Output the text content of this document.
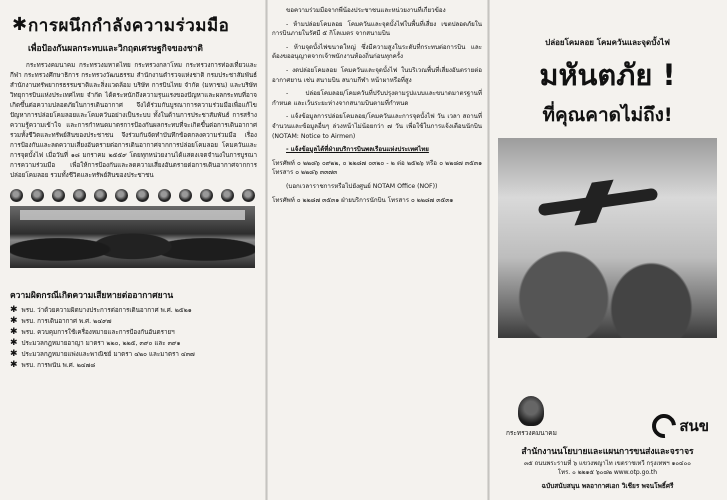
✱ การผนึกกำลังความร่วมมือ
เพื่อป้องกันผลกระทบและวิกฤตเศรษฐกิจของชาติ

กระทรวงคมนาคม กระทรวงมหาดไทย กระทรวงกลาโหม กระทรวงการท่องเที่ยวและกีฬา กระทรวงศึกษาธิการ กระทรวงวัฒนธรรม สำนักงานตำรวจแห่งชาติ กรมประชาสัมพันธ์ สำนักงานทรัพยากรธรรมชาติและสิ่งแวดล้อม บริษัท การบินไทย จำกัด (มหาชน) และบริษัท วิทยุการบินแห่งประเทศไทย จำกัด ได้ตระหนักถึงความรุนแรงของปัญหาและผลกระทบที่อาจเกิดขึ้นต่อความปลอดภัยในการเดินอากาศ จึงได้ร่วมกันบูรณาการความร่วมมือเพื่อแก้ไขปัญหาการปล่อยโคมลอยและโคมควันอย่างเป็นระบบ ทั้งในด้านการประชาสัมพันธ์ การสร้างความรู้ความเข้าใจ และการกำหนดมาตรการป้องกันผลกระทบที่จะเกิดขึ้นต่อการเดินอากาศ รวมทั้งชีวิตและทรัพย์สินของประชาชน จึงร่วมกันจัดทำบันทึกข้อตกลงความร่วมมือ เรื่อง การป้องกันและลดความเสี่ยงอันตรายต่อการเดินอากาศจากการปล่อยโคมลอย โคมควันและการจุดบั้งไฟ เมื่อวันที่ ๑๘ มกราคม ๒๕๕๙ โดยทุกหน่วยงานได้แสดงเจตจำนงในการบูรณาการความร่วมมือ เพื่อให้การป้องกันและลดความเสี่ยงอันตรายต่อการเดินอากาศจากการปล่อยโคมลอย รวมทั้งชีวิตและทรัพย์สินของประชาชน

ความผิดกรณีเกิดความเสียหายต่ออากาศยาน
✱ พรบ. ว่าด้วยความผิดบางประการต่อการเดินอากาศ พ.ศ. ๒๕๒๑
✱ พรบ. การเดินอากาศ พ.ศ. ๒๔๙๗
✱ พรบ. ควบคุมการใช้เครื่องหมายและการป้องกันอันตรายฯ
✱ ประมวลกฎหมายอาญา มาตรา ๒๒๐, ๒๒๕, ๓๙๐ และ ๓๙๑
✱ ประมวลกฎหมายแพ่งและพาณิชย์ มาตรา ๔๒๐ และมาตรา ๔๓๗
✱ พรบ. การพนัน พ.ศ. ๒๔๗๘

ขอความร่วมมือจากพี่น้องประชาชนและหน่วยงานที่เกี่ยวข้อง

- ห้ามปล่อยโคมลอย โคมควันและจุดบั้งไฟในพื้นที่เสี่ยง เขตปลอดภัยในการบินภายในรัศมี ๕ กิโลเมตร จากสนามบิน

- ห้ามจุดบั้งไฟขนาดใหญ่ ซึ่งมีความสูงในระดับที่กระทบต่อการบิน และต้องขออนุญาตจากเจ้าพนักงานท้องถิ่นก่อนทุกครั้ง

- งดปล่อยโคมลอย โคมควันและจุดบั้งไฟ ในบริเวณพื้นที่เสี่ยงอันตรายต่ออากาศยาน เช่น สนามบิน สนามกีฬา หน้าผาหรือที่สูง

- ปล่อยโคมลอย/โคมควันที่ปรับปรุงตามรูปแบบและขนาดมาตรฐานที่กำหนด และเว้นระยะห่างจากสนามบินตามที่กำหนด

- แจ้งข้อมูลการปล่อยโคมลอย/โคมควันและการจุดบั้งไฟ วัน เวลา สถานที่ จำนวนและข้อมูลอื่นๆ ล่วงหน้าไม่น้อยกว่า ๗ วัน เพื่อใช้ในการแจ้งเตือนนักบิน (NOTAM: Notice to Airmen)

- แจ้งข้อมูลได้ที่ฝ่ายบริการบินพลเรือนแห่งประเทศไทย

โทรศัพท์ ๐ ๒๒๘๖ ๐๙๒๒, ๐ ๒๒๘๗ ๐๓๒๐ - ๒ ต่อ ๒๕๒๖ หรือ ๐ ๒๒๘๗ ๓๕๓๑ โทรสาร ๐ ๒๒๘๖ ๓๓๗๓

(บอกเวลาราชการหรือไปยังศูนย์ NOTAM Office (NOF))

โทรศัพท์ ๐ ๒๒๘๗ ๓๕๓๑ ฝ่ายบริการนักบิน โทรสาร ๐ ๒๒๘๗ ๓๕๓๑

ปล่อยโคมลอย โคมควันและจุดบั้งไฟ
มหันตภัย !
ที่คุณคาดไม่ถึง!
กระทรวงคมนาคม	สนข
สำนักงานนโยบายและแผนการขนส่งและจราจร
๓๕ ถนนพระรามที่ ๖ แขวงพญาไท เขตราชเทวี กรุงเทพฯ ๑๐๔๐๐
โทร. ๐ ๒๒๑๕ ๖๐๘๒ www.otp.go.th
ฉบับสนับสนุน พลอากาศเอก วิเชียร พจนโพธิ์ศรี
